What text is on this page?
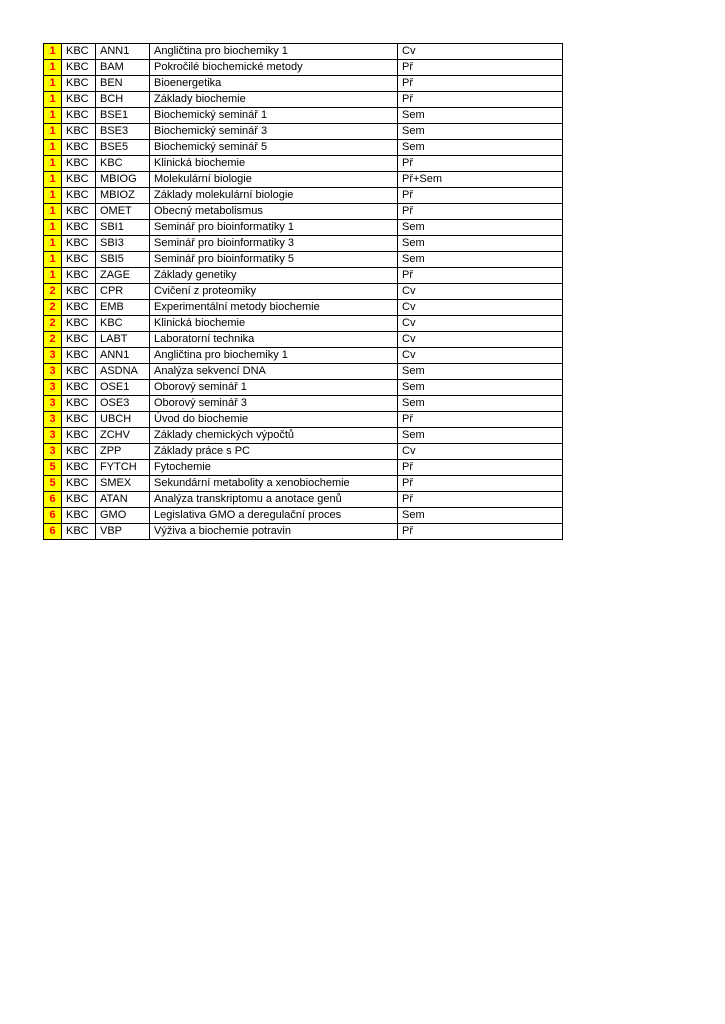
1	KBC	ANN1	Angličtina pro biochemiky 1	Cv
1	KBC	BAM	Pokročilé biochemické metody	Př
1	KBC	BEN	Bioenergetika	Př
1	KBC	BCH	Základy biochemie	Př
1	KBC	BSE1	Biochemický seminář 1	Sem
1	KBC	BSE3	Biochemický seminář 3	Sem
1	KBC	BSE5	Biochemický seminář 5	Sem
1	KBC	KBC	Klinická biochemie	Př
1	KBC	MBIOG	Molekulární biologie	Př+Sem
1	KBC	MBIOZ	Základy molekulární biologie	Př
1	KBC	OMET	Obecný metabolismus	Př
1	KBC	SBI1	Seminář pro bioinformatiky 1	Sem
1	KBC	SBI3	Seminář pro bioinformatiky 3	Sem
1	KBC	SBI5	Seminář pro bioinformatiky 5	Sem
1	KBC	ZAGE	Základy genetiky	Př
2	KBC	CPR	Cvičení z proteomiky	Cv
2	KBC	EMB	Experimentální metody biochemie	Cv
2	KBC	KBC	Klinická biochemie	Cv
2	KBC	LABT	Laboratorní technika	Cv
3	KBC	ANN1	Angličtina pro biochemiky 1	Cv
3	KBC	ASDNA	Analýza sekvencí DNA	Sem
3	KBC	OSE1	Oborový seminář 1	Sem
3	KBC	OSE3	Oborový seminář 3	Sem
3	KBC	UBCH	Úvod do biochemie	Př
3	KBC	ZCHV	Základy chemických výpočtů	Sem
3	KBC	ZPP	Základy práce s PC	Cv
5	KBC	FYTCH	Fytochemie	Př
5	KBC	SMEX	Sekundární metabolity a xenobiochemie	Př
6	KBC	ATAN	Analýza transkriptomu a anotace genů	Př
6	KBC	GMO	Legislativa GMO a deregulační proces	Sem
6	KBC	VBP	Výživa a biochemie potravin	Př
